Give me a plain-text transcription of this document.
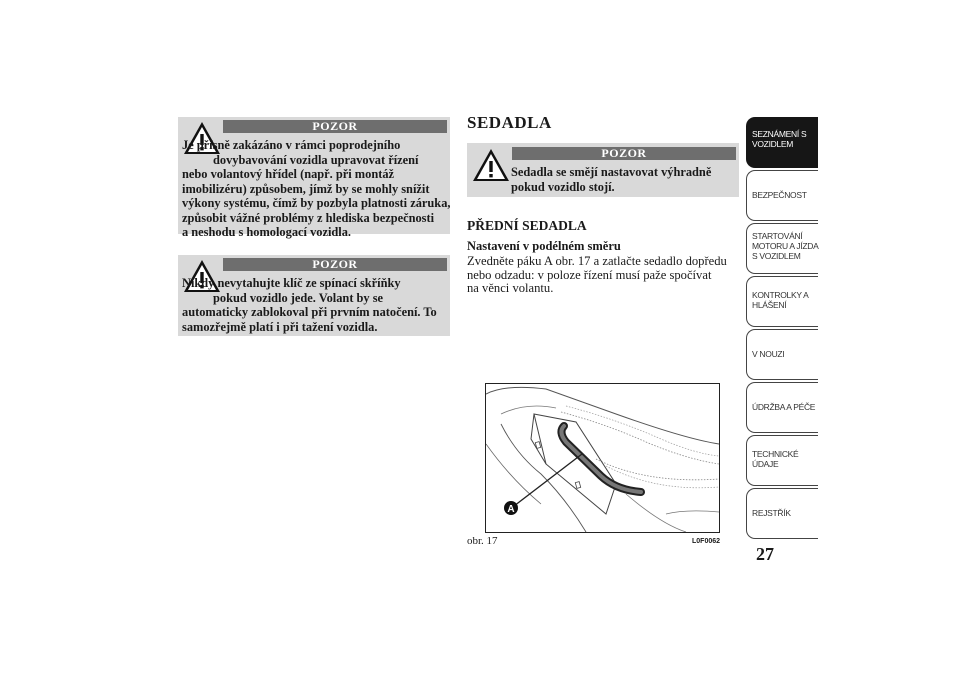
POZOR
Je přísně zakázáno v rámci poprodejního
dovybavování vozidla upravovat řízení
nebo volantový hřídel (např. při montáž
imobilizéru) způsobem, jímž by se mohly snížit
výkony systému, čímž by pozbyla platnosti záruka,
způsobit vážné problémy z hlediska bezpečnosti
a neshodu s homologací vozidla.
POZOR
Nikdy nevytahujte klíč ze spínací skříňky
pokud vozidlo jede. Volant by se
automaticky zablokoval při prvním natočení. To
samozřejmě platí i při tažení vozidla.
SEDADLA
POZOR
Sedadla se smějí nastavovat výhradně
pokud vozidlo stojí.
PŘEDNÍ SEDADLA
Nastavení v podélném směru
Zvedněte páku A obr. 17 a zatlačte sedadlo dopředu
nebo odzadu: v poloze řízení musí paže spočívat
na věnci volantu.
A
obr. 17	L0F0062
SEZNÁMENÍ S
VOZIDLEM
BEZPEČNOST
STARTOVÁNÍ
MOTORU A JÍZDA
S VOZIDLEM
KONTROLKY A
HLÁŠENÍ
V NOUZI
ÚDRŽBA A PÉČE
TECHNICKÉ
ÚDAJE
REJSTŘÍK
27
